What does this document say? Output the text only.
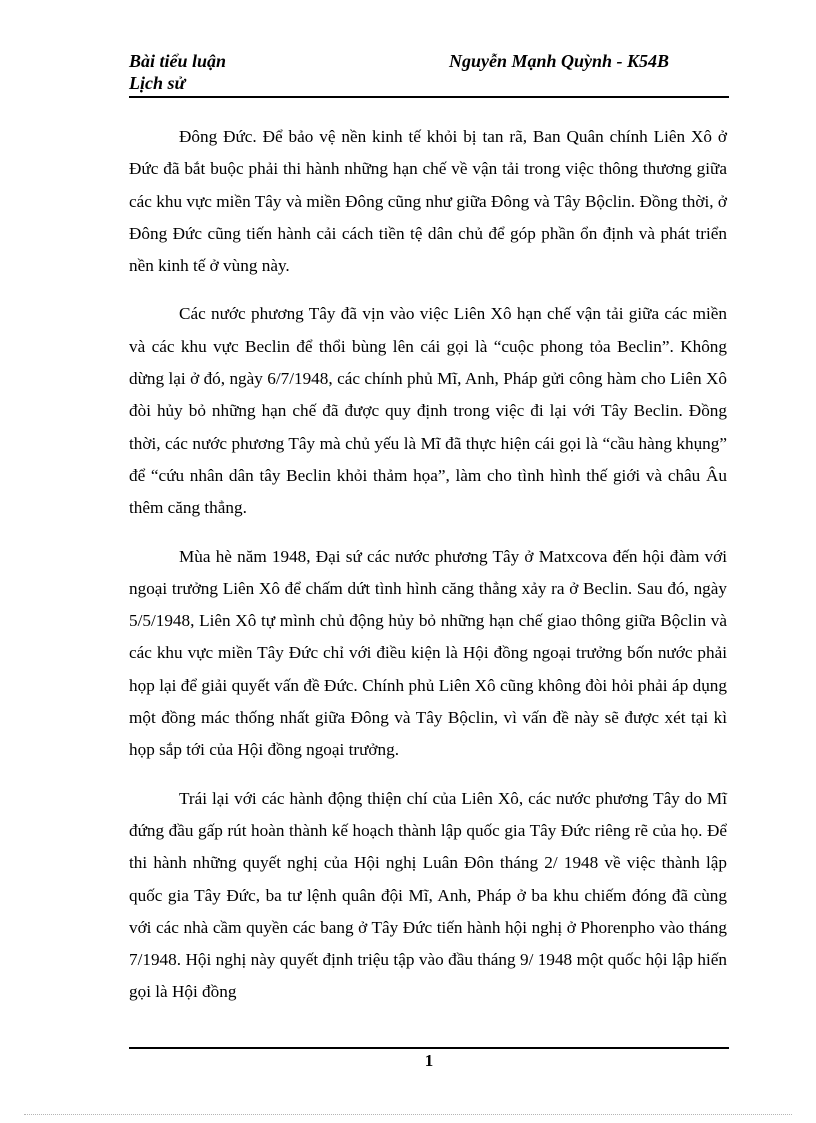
Bài tiểu luận
Lịch sử
Nguyễn Mạnh Quỳnh - K54B

Đông Đức. Để bảo vệ nền kinh tế khỏi bị tan rã, Ban Quân chính Liên Xô ở Đức đã bắt buộc phải thi hành những hạn chế về vận tải trong việc thông thương giữa các khu vực miền Tây và miền Đông cũng như giữa Đông và Tây Bộclin. Đồng thời, ở Đông Đức cũng tiến hành cải cách tiền tệ dân chủ để góp phần ổn định và phát triển nền kinh tế ở vùng này.

Các nước phương Tây đã vịn vào việc Liên Xô hạn chế vận tải giữa các miền và các khu vực Beclin để thổi bùng lên cái gọi là “cuộc phong tỏa Beclin”. Không dừng lại ở đó, ngày 6/7/1948, các chính phủ Mĩ, Anh, Pháp gửi công hàm cho Liên Xô đòi hủy bỏ những hạn chế đã được quy định trong việc đi lại với Tây Beclin. Đồng thời, các nước phương Tây mà chủ yếu là Mĩ đã thực hiện cái gọi là “cầu hàng khụng” để “cứu nhân dân tây Beclin khỏi thảm họa”, làm cho tình hình thế giới và châu Âu thêm căng thẳng.

Mùa hè năm 1948, Đại sứ các nước phương Tây ở Matxcova đến hội đàm với ngoại trưởng Liên Xô để chấm dứt tình hình căng thẳng xảy ra ở Beclin. Sau đó, ngày 5/5/1948, Liên Xô tự mình chủ động hủy bỏ những hạn chế giao thông giữa Bộclin và các khu vực miền Tây Đức chỉ với điều kiện là Hội đồng ngoại trưởng bốn nước phải họp lại để giải quyết vấn đề Đức. Chính phủ Liên Xô cũng không đòi hỏi phải áp dụng một đồng mác thống nhất giữa Đông và Tây Bộclin, vì vấn đề này sẽ được xét tại kì họp sắp tới của Hội đồng ngoại trưởng.

Trái lại với các hành động thiện chí của Liên Xô, các nước phương Tây do Mĩ đứng đầu gấp rút hoàn thành kế hoạch thành lập quốc gia Tây Đức riêng rẽ của họ. Để thi hành những quyết nghị của Hội nghị Luân Đôn tháng 2/ 1948 về việc thành lập quốc gia Tây Đức, ba tư lệnh quân đội Mĩ, Anh, Pháp ở ba khu chiếm đóng đã cùng với các nhà cầm quyền các bang ở Tây Đức tiến hành hội nghị ở Phorenpho vào tháng 7/1948. Hội nghị này quyết định triệu tập vào đầu tháng 9/ 1948 một quốc hội lập hiến gọi là Hội đồng

1
